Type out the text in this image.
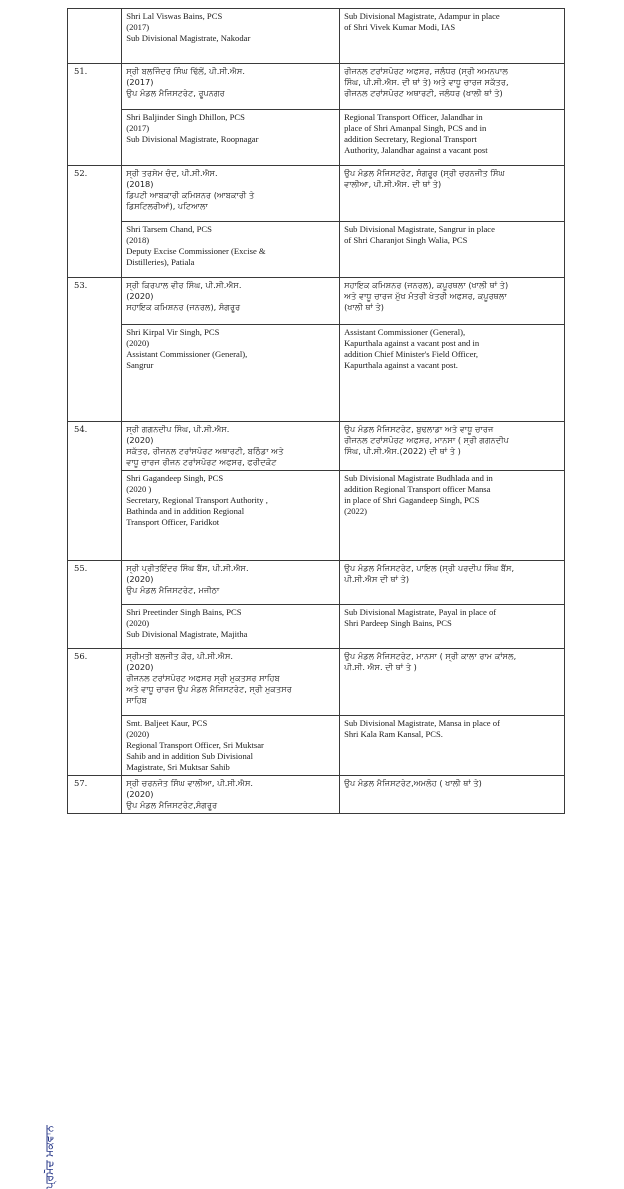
	Shri Lal Viswas Bains, PCS
(2017)
Sub Divisional Magistrate, Nakodar	Sub Divisional Magistrate, Adampur in place
of Shri Vivek Kumar Modi, IAS

51.	ਸ੍ਰੀ ਬਲਜਿੰਦਰ ਸਿੰਘ ਢਿੱਲੋਂ, ਪੀ.ਸੀ.ਐਸ.
(2017)
ਉਪ ਮੰਡਲ ਮੈਜਿਸਟਰੇਟ, ਰੂਪਨਗਰ	ਰੀਜਨਲ ਟਰਾਂਸਪੋਰਟ ਅਫਸਰ, ਜਲੰਧਰ (ਸ੍ਰੀ ਅਮਨਪਾਲ
ਸਿੰਘ, ਪੀ.ਸੀ.ਐਸ. ਦੀ ਥਾਂ ਤੇ) ਅਤੇ ਵਾਧੂ ਚਾਰਜ ਸਕੱਤਰ,
ਰੀਜਨਲ ਟਰਾਂਸਪੋਰਟ ਅਥਾਰਟੀ, ਜਲੰਧਰ (ਖਾਲੀ ਥਾਂ ਤੇ)

	Shri Baljinder Singh Dhillon, PCS
(2017)
Sub Divisional Magistrate, Roopnagar	Regional Transport Officer, Jalandhar in
place of Shri Amanpal Singh, PCS and in
addition Secretary, Regional Transport
Authority, Jalandhar against a vacant post

52.	ਸ੍ਰੀ ਤਰਸੇਮ ਚੰਦ, ਪੀ.ਸੀ.ਐਸ.
(2018)
ਡਿਪਟੀ ਆਬਕਾਰੀ ਕਮਿਸ਼ਨਰ (ਆਬਕਾਰੀ ਤੇ
ਡਿਸਟਿਲਰੀਆਂ), ਪਟਿਆਲਾ	ਉਪ ਮੰਡਲ ਮੈਜਿਸਟਰੇਟ, ਸੰਗਰੂਰ (ਸ੍ਰੀ ਚਰਨਜੀਤ ਸਿੰਘ
ਵਾਲੀਆ, ਪੀ.ਸੀ.ਐਸ. ਦੀ ਥਾਂ ਤੇ)

	Shri Tarsem Chand, PCS
(2018)
Deputy Excise Commissioner (Excise &
Distilleries), Patiala	Sub Divisional Magistrate, Sangrur in place
of Shri Charanjot Singh Walia, PCS

53.	ਸ੍ਰੀ ਕਿਰਪਾਲ ਵੀਰ ਸਿੰਘ, ਪੀ.ਸੀ.ਐਸ.
(2020)
ਸਹਾਇਕ ਕਮਿਸ਼ਨਰ (ਜਨਰਲ), ਸੰਗਰੂਰ	ਸਹਾਇਕ ਕਮਿਸ਼ਨਰ (ਜਨਰਲ), ਕਪੂਰਥਲਾ (ਖਾਲੀ ਥਾਂ ਤੇ)
ਅਤੇ ਵਾਧੂ ਚਾਰਜ ਮੁੱਖ ਮੰਤਰੀ ਖੇਤਰੀ ਅਫਸਰ, ਕਪੂਰਥਲਾ
(ਖਾਲੀ ਥਾਂ ਤੇ)

	Shri Kirpal Vir Singh, PCS
(2020)
Assistant Commissioner (General),
Sangrur	Assistant Commissioner (General),
Kapurthala against a vacant post and in
addition Chief Minister's Field Officer,
Kapurthala against a vacant post.

54.	ਸ੍ਰੀ ਗਗਨਦੀਪ ਸਿੰਘ, ਪੀ.ਸੀ.ਐਸ.
(2020)
ਸਕੱਤਰ, ਰੀਜਨਲ ਟਰਾਂਸਪੋਰਟ ਅਥਾਰਟੀ, ਬਠਿੰਡਾ ਅਤੇ
ਵਾਧੂ ਚਾਰਜ ਰੀਜਨ ਟਰਾਂਸਪੋਰਟ ਅਫਸਰ, ਫਰੀਦਕੋਟ	ਉਪ ਮੰਡਲ ਮੈਜਿਸਟਰੇਟ, ਬੁਢਲਾਡਾ ਅਤੇ ਵਾਧੂ ਚਾਰਜ
ਰੀਜਨਲ ਟਰਾਂਸਪੋਰਟ ਅਫਸਰ, ਮਾਨਸਾ ( ਸ੍ਰੀ ਗਗਨਦੀਪ
ਸਿੰਘ, ਪੀ.ਸੀ.ਐਸ.(2022) ਦੀ ਥਾਂ ਤੇ )

	Shri Gagandeep Singh, PCS
(2020 )
Secretary, Regional Transport Authority ,
Bathinda and in addition Regional
Transport Officer, Faridkot	Sub Divisional Magistrate Budhlada and in
addition Regional Transport officer Mansa
in place of Shri Gagandeep Singh, PCS
(2022)

55.	ਸ੍ਰੀ ਪ੍ਰੀਤਇੰਦਰ ਸਿੰਘ ਬੈਂਸ, ਪੀ.ਸੀ.ਐਸ.
(2020)
ਉਪ ਮੰਡਲ ਮੈਜਿਸਟਰੇਟ, ਮਜੀਠਾ	ਉਪ ਮੰਡਲ ਮੈਜਿਸਟਰੇਟ, ਪਾਇਲ (ਸ੍ਰੀ ਪਰਦੀਪ ਸਿੰਘ ਬੈਂਸ,
ਪੀ.ਸੀ.ਐਸ ਦੀ ਥਾਂ ਤੇ)

	Shri Preetinder Singh Bains, PCS
(2020)
Sub Divisional Magistrate, Majitha	Sub Divisional Magistrate, Payal in place of
Shri Pardeep Singh Bains, PCS

56.	ਸ੍ਰੀਮਤੀ ਬਲਜੀਤ ਕੌਰ, ਪੀ.ਸੀ.ਐਸ.
(2020)
ਰੀਜਨਲ ਟਰਾਂਸਪੋਰਟ ਅਫਸਰ ਸ੍ਰੀ ਮੁਕਤਸਰ ਸਾਹਿਬ
ਅਤੇ ਵਾਧੂ ਚਾਰਜ ਉਪ ਮੰਡਲ ਮੈਜਿਸਟਰੇਟ, ਸ੍ਰੀ ਮੁਕਤਸਰ
ਸਾਹਿਬ	ਉਪ ਮੰਡਲ ਮੈਜਿਸਟਰੇਟ, ਮਾਨਸਾ ( ਸ੍ਰੀ ਕਾਲਾ ਰਾਮ ਕਾਂਸਲ,
ਪੀ.ਸੀ. ਐਸ. ਦੀ ਥਾਂ ਤੇ )

	Smt. Baljeet Kaur, PCS
(2020)
Regional Transport Officer, Sri Muktsar
Sahib and in addition Sub Divisional
Magistrate, Sri Muktsar Sahib	Sub Divisional Magistrate, Mansa in place of
Shri Kala Ram Kansal, PCS.

57.	ਸ੍ਰੀ ਚਰਨਜੋਤ ਸਿੰਘ ਵਾਲੀਆ, ਪੀ.ਸੀ.ਐਸ.
(2020)
ਉਪ ਮੰਡਲ ਮੈਜਿਸਟਰੇਟ,ਸੰਗਰੂਰ	ਉਪ ਮੰਡਲ ਮੈਜਿਸਟਰੇਟ,ਅਮਲੋਹ ( ਖਾਲੀ ਥਾਂ ਤੇ)
ਪ੍ਰਮੋਦ ਮਕਵਾਨ
